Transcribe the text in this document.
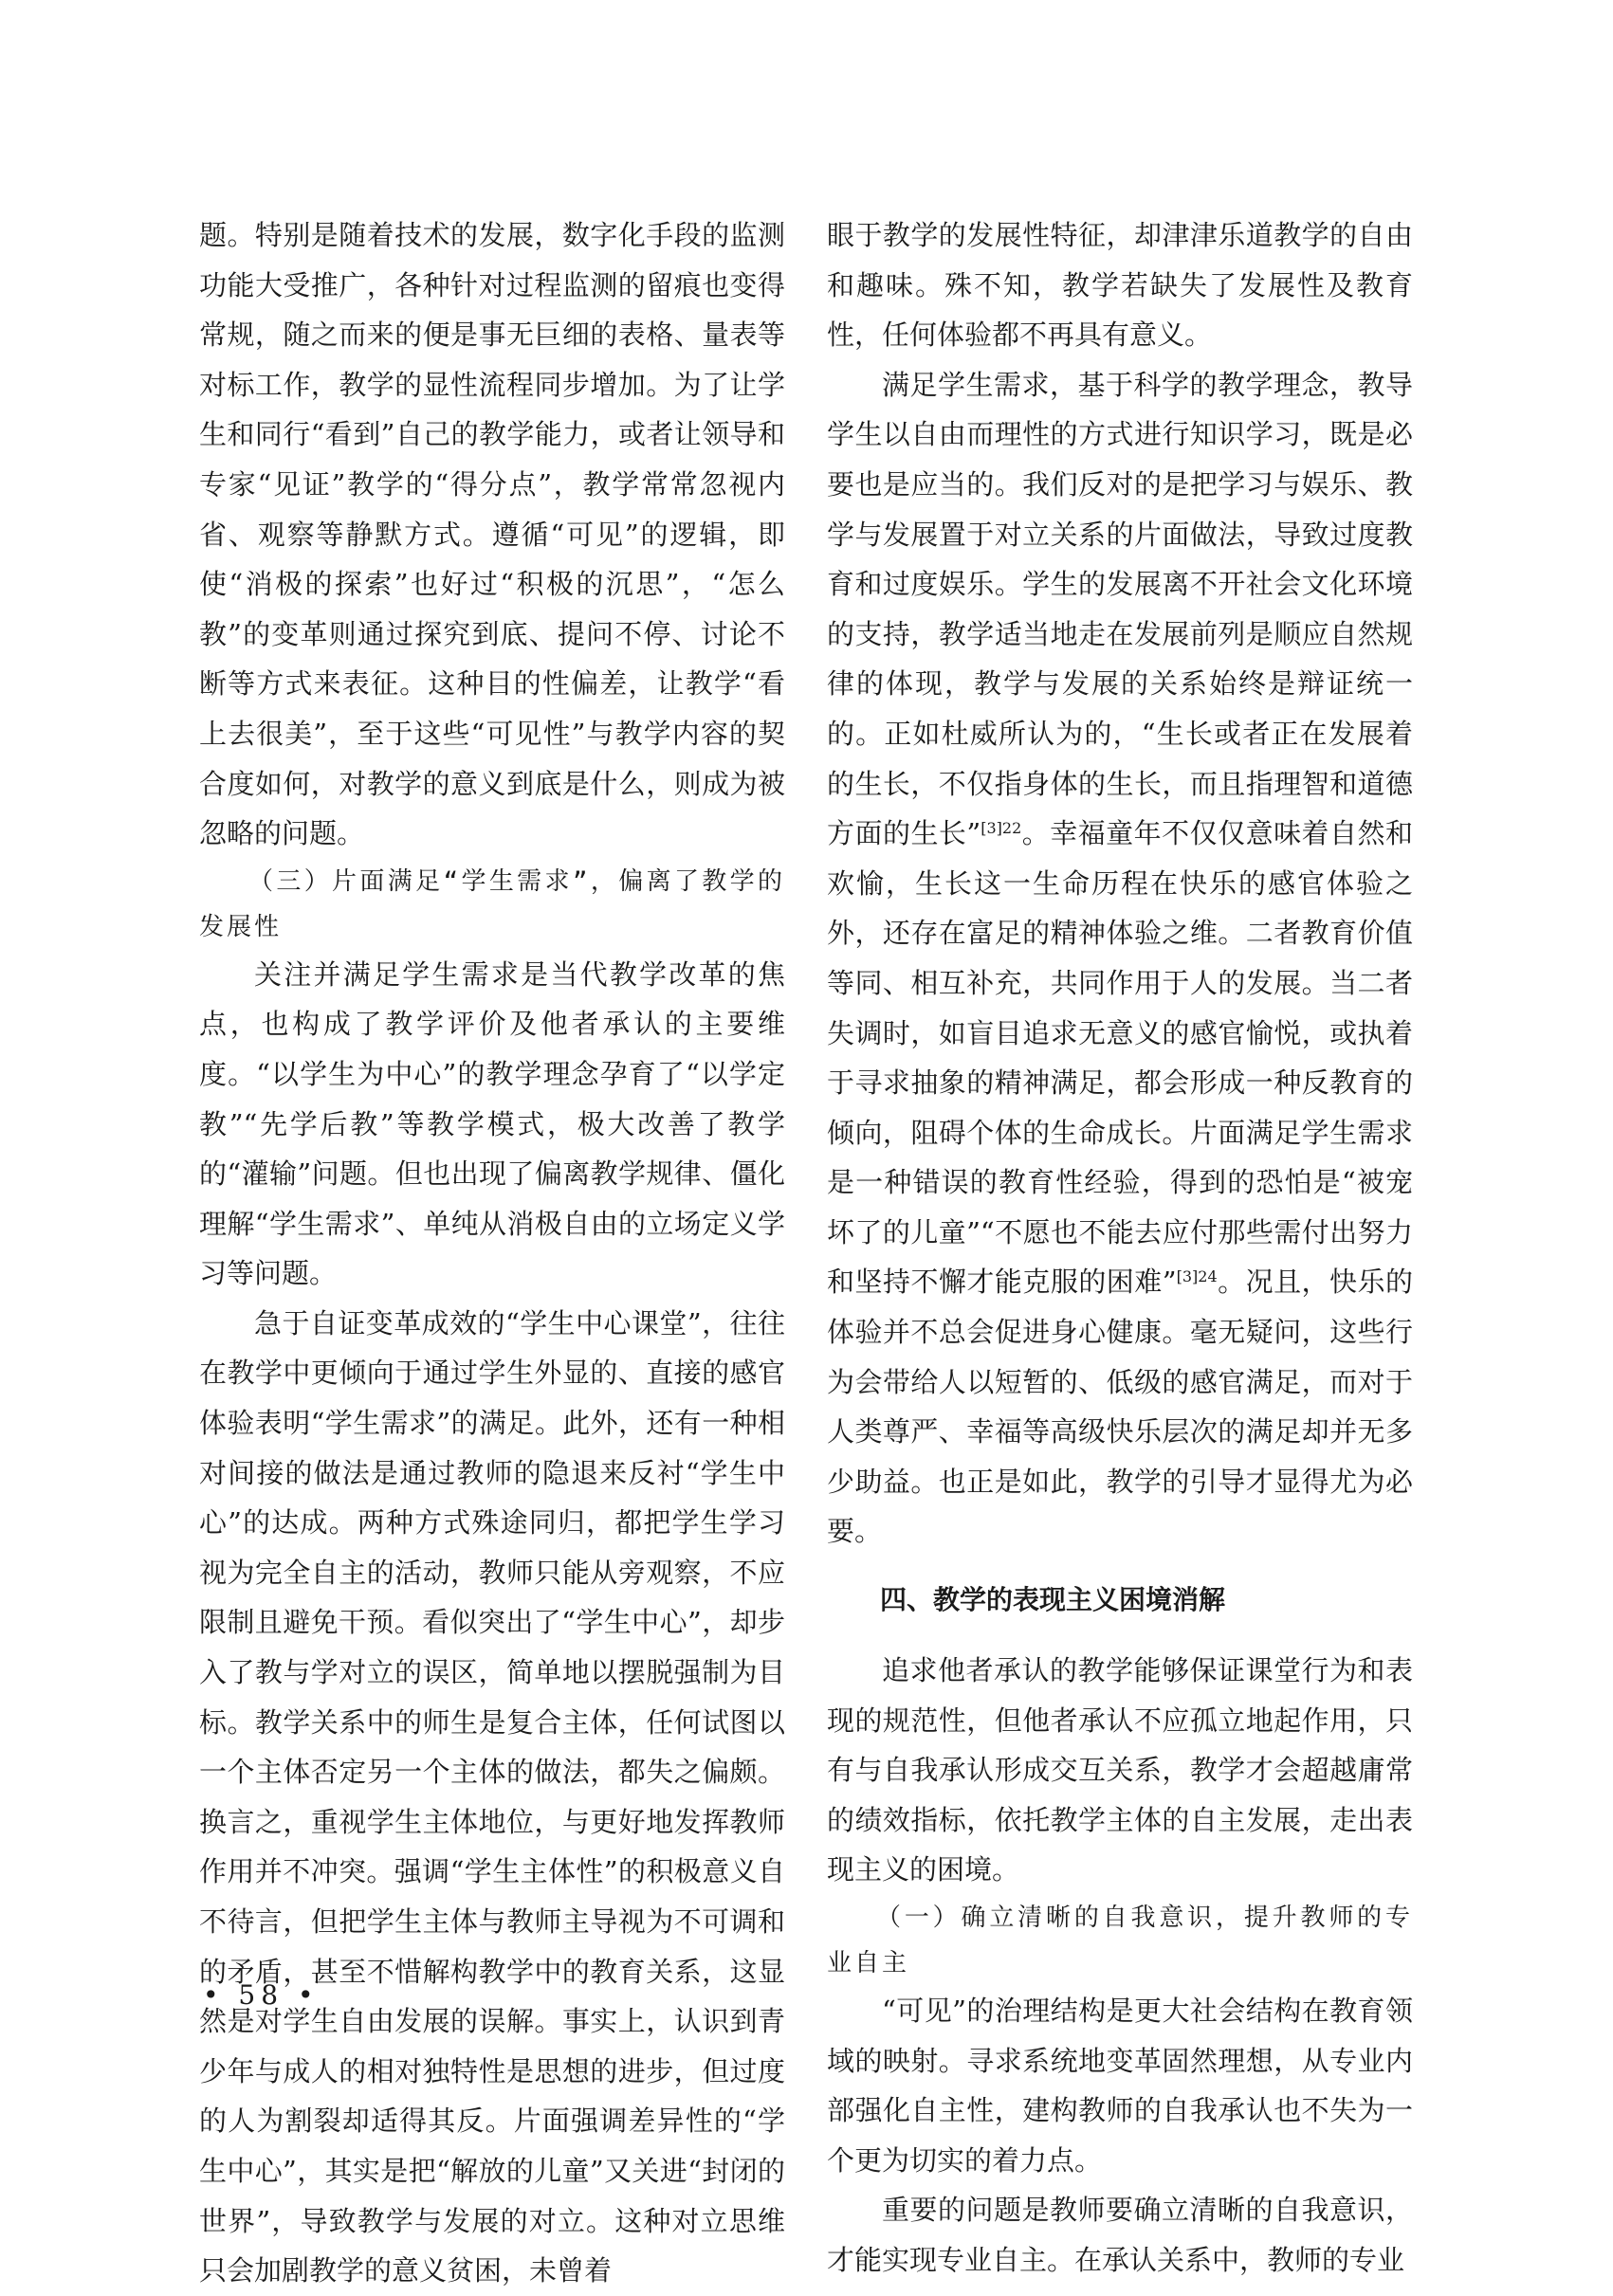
题。特别是随着技术的发展，数字化手段的监测功能大受推广，各种针对过程监测的留痕也变得常规，随之而来的便是事无巨细的表格、量表等对标工作，教学的显性流程同步增加。为了让学生和同行“看到”自己的教学能力，或者让领导和专家“见证”教学的“得分点”，教学常常忽视内省、观察等静默方式。遵循“可见”的逻辑，即使“消极的探索”也好过“积极的沉思”，“怎么教”的变革则通过探究到底、提问不停、讨论不断等方式来表征。这种目的性偏差，让教学“看上去很美”，至于这些“可见性”与教学内容的契合度如何，对教学的意义到底是什么，则成为被忽略的问题。

（三）片面满足“学生需求”，偏离了教学的发展性

关注并满足学生需求是当代教学改革的焦点，也构成了教学评价及他者承认的主要维度。“以学生为中心”的教学理念孕育了“以学定教”“先学后教”等教学模式，极大改善了教学的“灌输”问题。但也出现了偏离教学规律、僵化理解“学生需求”、单纯从消极自由的立场定义学习等问题。

急于自证变革成效的“学生中心课堂”，往往在教学中更倾向于通过学生外显的、直接的感官体验表明“学生需求”的满足。此外，还有一种相对间接的做法是通过教师的隐退来反衬“学生中心”的达成。两种方式殊途同归，都把学生学习视为完全自主的活动，教师只能从旁观察，不应限制且避免干预。看似突出了“学生中心”，却步入了教与学对立的误区，简单地以摆脱强制为目标。教学关系中的师生是复合主体，任何试图以一个主体否定另一个主体的做法，都失之偏颇。换言之，重视学生主体地位，与更好地发挥教师作用并不冲突。强调“学生主体性”的积极意义自不待言，但把学生主体与教师主导视为不可调和的矛盾，甚至不惜解构教学中的教育关系，这显然是对学生自由发展的误解。事实上，认识到青少年与成人的相对独特性是思想的进步，但过度的人为割裂却适得其反。片面强调差异性的“学生中心”，其实是把“解放的儿童”又关进“封闭的世界”，导致教学与发展的对立。这种对立思维只会加剧教学的意义贫困，未曾着

眼于教学的发展性特征，却津津乐道教学的自由和趣味。殊不知，教学若缺失了发展性及教育性，任何体验都不再具有意义。

满足学生需求，基于科学的教学理念，教导学生以自由而理性的方式进行知识学习，既是必要也是应当的。我们反对的是把学习与娱乐、教学与发展置于对立关系的片面做法，导致过度教育和过度娱乐。学生的发展离不开社会文化环境的支持，教学适当地走在发展前列是顺应自然规律的体现，教学与发展的关系始终是辩证统一的。正如杜威所认为的，“生长或者正在发展着的生长，不仅指身体的生长，而且指理智和道德方面的生长”$^{[3]22}$。幸福童年不仅仅意味着自然和欢愉，生长这一生命历程在快乐的感官体验之外，还存在富足的精神体验之维。二者教育价值等同、相互补充，共同作用于人的发展。当二者失调时，如盲目追求无意义的感官愉悦，或执着于寻求抽象的精神满足，都会形成一种反教育的倾向，阻碍个体的生命成长。片面满足学生需求是一种错误的教育性经验，得到的恐怕是“被宠坏了的儿童”“不愿也不能去应付那些需付出努力和坚持不懈才能克服的困难”$^{[3]24}$。况且，快乐的体验并不总会促进身心健康。毫无疑问，这些行为会带给人以短暂的、低级的感官满足，而对于人类尊严、幸福等高级快乐层次的满足却并无多少助益。也正是如此，教学的引导才显得尤为必要。

四、教学的表现主义困境消解

追求他者承认的教学能够保证课堂行为和表现的规范性，但他者承认不应孤立地起作用，只有与自我承认形成交互关系，教学才会超越庸常的绩效指标，依托教学主体的自主发展，走出表现主义的困境。

（一）确立清晰的自我意识，提升教师的专业自主

“可见”的治理结构是更大社会结构在教育领域的映射。寻求系统地变革固然理想，从专业内部强化自主性，建构教师的自我承认也不失为一个更为切实的着力点。

重要的问题是教师要确立清晰的自我意识，才能实现专业自主。在承认关系中，教师的专业

• 58 •
